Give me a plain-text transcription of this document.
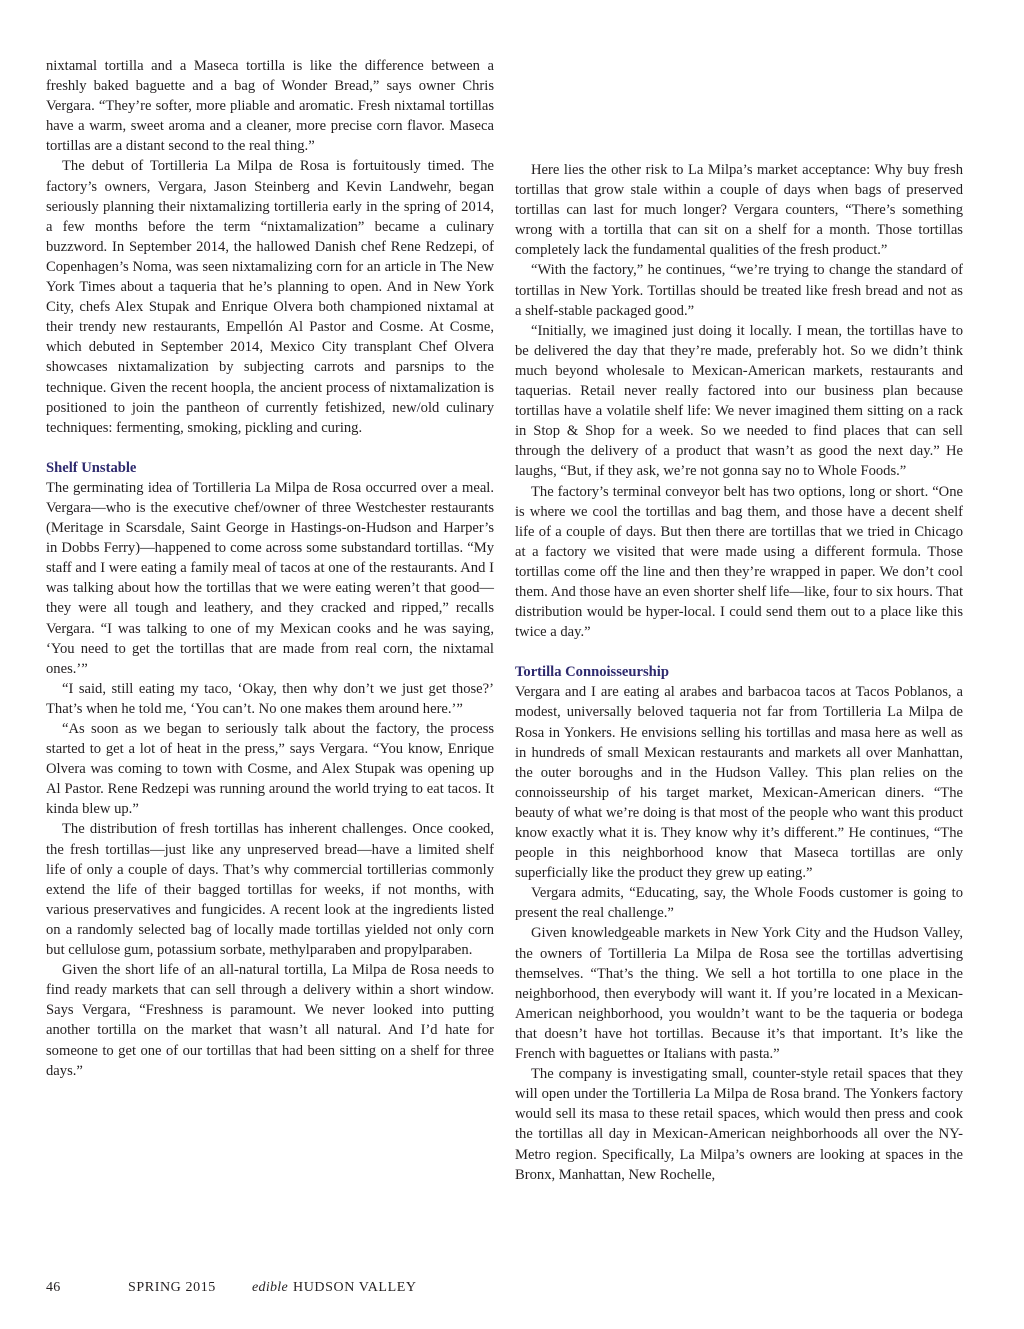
nixtamal tortilla and a Maseca tortilla is like the difference between a freshly baked baguette and a bag of Wonder Bread,” says owner Chris Vergara. “They’re softer, more pliable and aromatic. Fresh nixtamal tortillas have a warm, sweet aroma and a cleaner, more precise corn flavor. Maseca tortillas are a distant second to the real thing.”

The debut of Tortilleria La Milpa de Rosa is fortuitously timed. The factory’s owners, Vergara, Jason Steinberg and Kevin Landwehr, began seriously planning their nixtamalizing tortilleria early in the spring of 2014, a few months before the term “nixtamalization” became a culinary buzzword. In September 2014, the hallowed Danish chef Rene Redzepi, of Copenhagen’s Noma, was seen nixtamalizing corn for an article in The New York Times about a taqueria that he’s planning to open. And in New York City, chefs Alex Stupak and Enrique Olvera both championed nixtamal at their trendy new restaurants, Empellón Al Pastor and Cosme. At Cosme, which debuted in September 2014, Mexico City transplant Chef Olvera showcases nixtamalization by subjecting carrots and parsnips to the technique. Given the recent hoopla, the ancient process of nixtamalization is positioned to join the pantheon of currently fetishized, new/old culinary techniques: fermenting, smoking, pickling and curing.

Shelf Unstable

The germinating idea of Tortilleria La Milpa de Rosa occurred over a meal. Vergara—who is the executive chef/owner of three Westchester restaurants (Meritage in Scarsdale, Saint George in Hastings-on-Hudson and Harper’s in Dobbs Ferry)—happened to come across some substandard tortillas. “My staff and I were eating a family meal of tacos at one of the restaurants. And I was talking about how the tortillas that we were eating weren’t that good—they were all tough and leathery, and they cracked and ripped,” recalls Vergara. “I was talking to one of my Mexican cooks and he was saying, ‘You need to get the tortillas that are made from real corn, the nixtamal ones.’”

“I said, still eating my taco, ‘Okay, then why don’t we just get those?’ That’s when he told me, ‘You can’t. No one makes them around here.’”

“As soon as we began to seriously talk about the factory, the process started to get a lot of heat in the press,” says Vergara. “You know, Enrique Olvera was coming to town with Cosme, and Alex Stupak was opening up Al Pastor. Rene Redzepi was running around the world trying to eat tacos. It kinda blew up.”

The distribution of fresh tortillas has inherent challenges. Once cooked, the fresh tortillas—just like any unpreserved bread—have a limited shelf life of only a couple of days. That’s why commercial tortillerias commonly extend the life of their bagged tortillas for weeks, if not months, with various preservatives and fungicides. A recent look at the ingredients listed on a randomly selected bag of locally made tortillas yielded not only corn but cellulose gum, potassium sorbate, methylparaben and propylparaben.

Given the short life of an all-natural tortilla, La Milpa de Rosa needs to find ready markets that can sell through a delivery within a short window. Says Vergara, “Freshness is paramount. We never looked into putting another tortilla on the market that wasn’t all natural. And I’d hate for someone to get one of our tortillas that had been sitting on a shelf for three days.”

Here lies the other risk to La Milpa’s market acceptance: Why buy fresh tortillas that grow stale within a couple of days when bags of preserved tortillas can last for much longer? Vergara counters, “There’s something wrong with a tortilla that can sit on a shelf for a month. Those tortillas completely lack the fundamental qualities of the fresh product.”

“With the factory,” he continues, “we’re trying to change the standard of tortillas in New York. Tortillas should be treated like fresh bread and not as a shelf-stable packaged good.”

“Initially, we imagined just doing it locally. I mean, the tortillas have to be delivered the day that they’re made, preferably hot. So we didn’t think much beyond wholesale to Mexican-American markets, restaurants and taquerias. Retail never really factored into our business plan because tortillas have a volatile shelf life: We never imagined them sitting on a rack in Stop & Shop for a week. So we needed to find places that can sell through the delivery of a product that wasn’t as good the next day.” He laughs, “But, if they ask, we’re not gonna say no to Whole Foods.”

The factory’s terminal conveyor belt has two options, long or short. “One is where we cool the tortillas and bag them, and those have a decent shelf life of a couple of days. But then there are tortillas that we tried in Chicago at a factory we visited that were made using a different formula. Those tortillas come off the line and then they’re wrapped in paper. We don’t cool them. And those have an even shorter shelf life—like, four to six hours. That distribution would be hyper-local. I could send them out to a place like this twice a day.”

Tortilla Connoisseurship

Vergara and I are eating al arabes and barbacoa tacos at Tacos Poblanos, a modest, universally beloved taqueria not far from Tortilleria La Milpa de Rosa in Yonkers. He envisions selling his tortillas and masa here as well as in hundreds of small Mexican restaurants and markets all over Manhattan, the outer boroughs and in the Hudson Valley. This plan relies on the connoisseurship of his target market, Mexican-American diners. “The beauty of what we’re doing is that most of the people who want this product know exactly what it is. They know why it’s different.” He continues, “The people in this neighborhood know that Maseca tortillas are only superficially like the product they grew up eating.”

Vergara admits, “Educating, say, the Whole Foods customer is going to present the real challenge.”

Given knowledgeable markets in New York City and the Hudson Valley, the owners of Tortilleria La Milpa de Rosa see the tortillas advertising themselves. “That’s the thing. We sell a hot tortilla to one place in the neighborhood, then everybody will want it. If you’re located in a Mexican-American neighborhood, you wouldn’t want to be the taqueria or bodega that doesn’t have hot tortillas. Because it’s that important. It’s like the French with baguettes or Italians with pasta.”

The company is investigating small, counter-style retail spaces that they will open under the Tortilleria La Milpa de Rosa brand. The Yonkers factory would sell its masa to these retail spaces, which would then press and cook the tortillas all day in Mexican-American neighborhoods all over the NY-Metro region. Specifically, La Milpa’s owners are looking at spaces in the Bronx, Manhattan, New Rochelle,

46	SPRING 2015	edible HUDSON VALLEY
